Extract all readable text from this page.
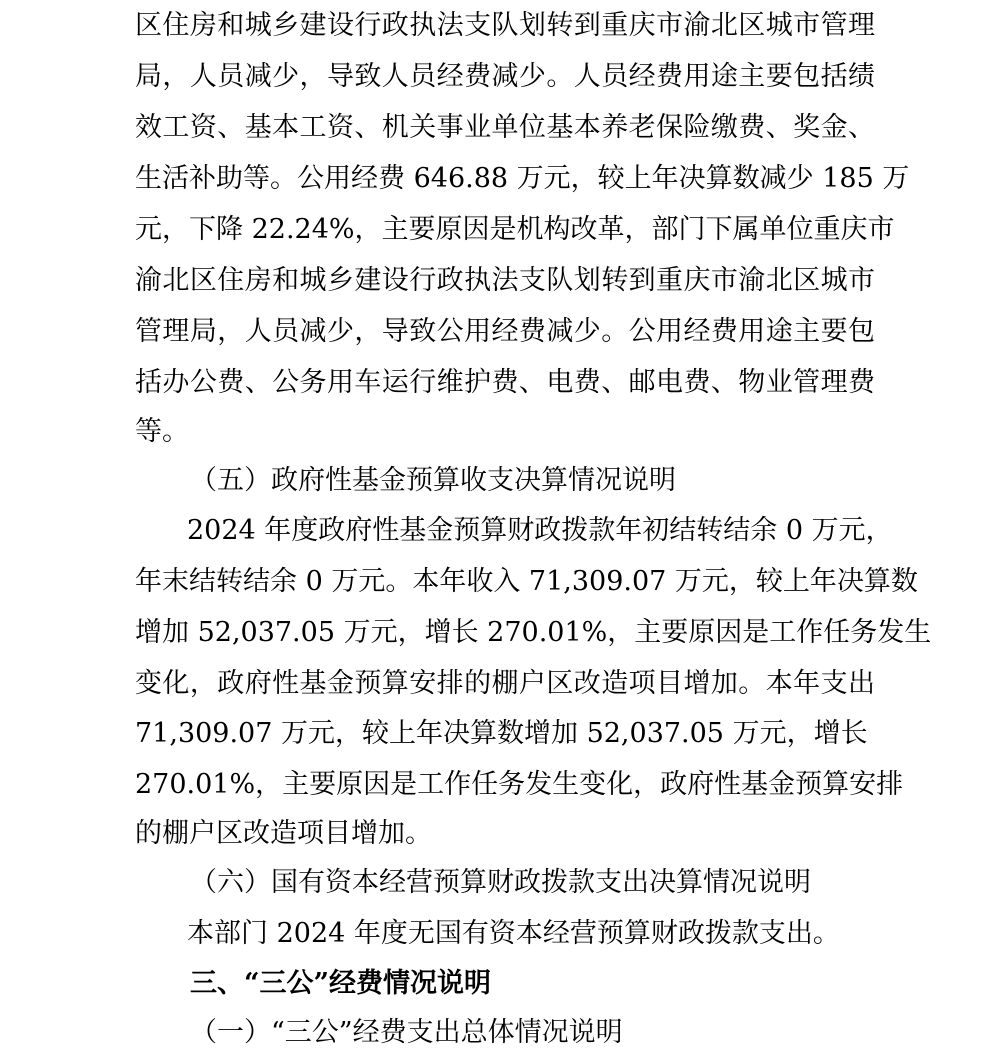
区住房和城乡建设行政执法支队划转到重庆市渝北区城市管理
局，人员减少，导致人员经费减少。人员经费用途主要包括绩
效工资、基本工资、机关事业单位基本养老保险缴费、奖金、
生活补助等。公用经费 646.88 万元，较上年决算数减少 185 万
元，下降 22.24%，主要原因是机构改革，部门下属单位重庆市
渝北区住房和城乡建设行政执法支队划转到重庆市渝北区城市
管理局，人员减少，导致公用经费减少。公用经费用途主要包
括办公费、公务用车运行维护费、电费、邮电费、物业管理费
等。
（五）政府性基金预算收支决算情况说明
2024 年度政府性基金预算财政拨款年初结转结余 0 万元，
年末结转结余 0 万元。本年收入 71,309.07 万元，较上年决算数
增加 52,037.05 万元，增长 270.01%，主要原因是工作任务发生
变化，政府性基金预算安排的棚户区改造项目增加。本年支出
71,309.07 万元，较上年决算数增加 52,037.05 万元，增长
270.01%，主要原因是工作任务发生变化，政府性基金预算安排
的棚户区改造项目增加。
（六）国有资本经营预算财政拨款支出决算情况说明
本部门 2024 年度无国有资本经营预算财政拨款支出。
三、“三公”经费情况说明
（一）“三公”经费支出总体情况说明
